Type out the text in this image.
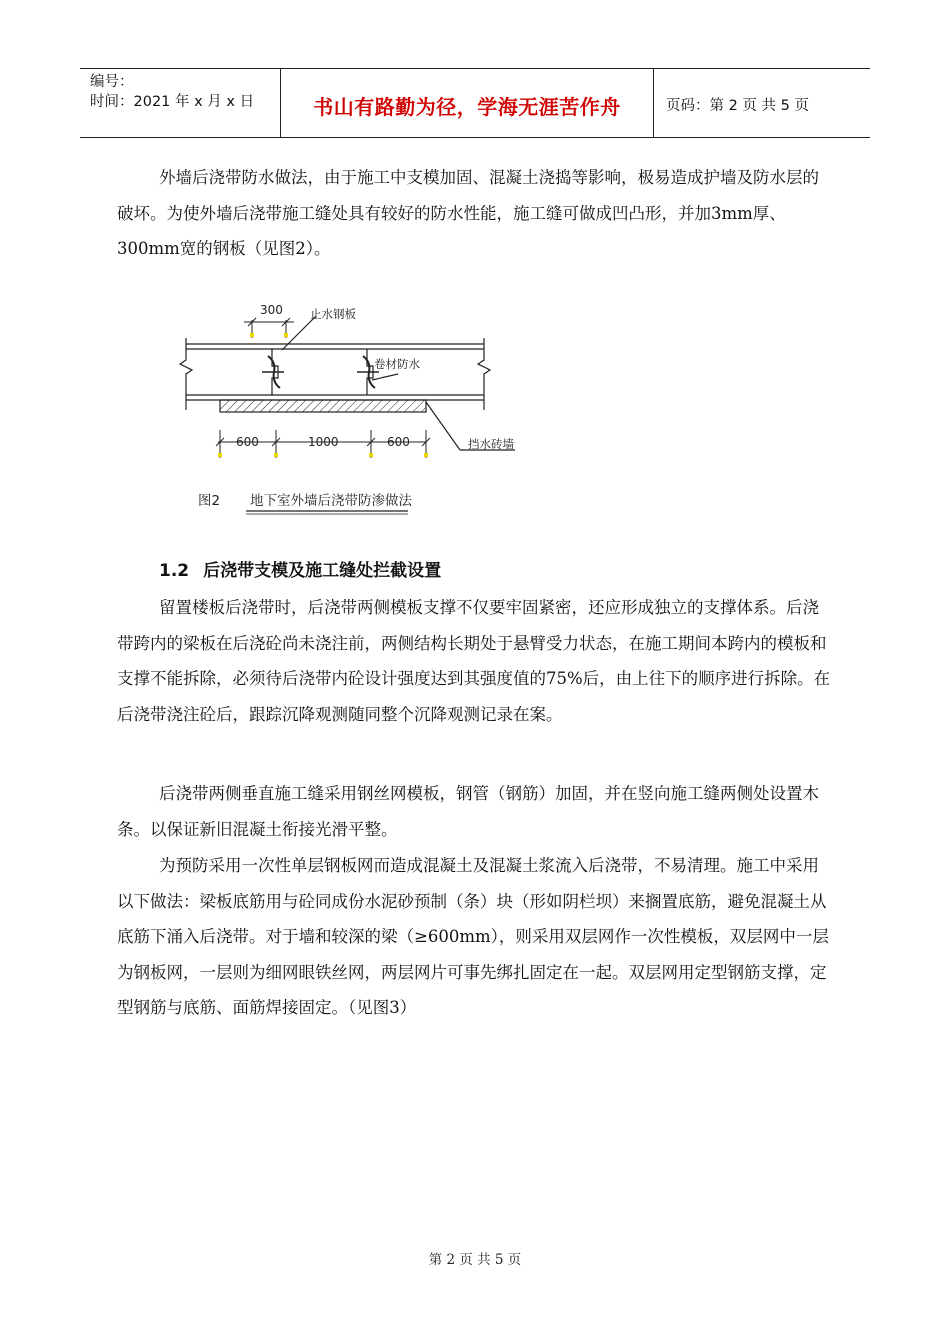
编号：
时间：2021 年 x 月 x 日	书山有路勤为径，学海无涯苦作舟	页码：第 2 页 共 5 页

外墙后浇带防水做法，由于施工中支模加固、混凝土浇捣等影响，极易造成护墙及防水层的破坏。为使外墙后浇带施工缝处具有较好的防水性能，施工缝可做成凹凸形，并加3mm厚、300mm宽的钢板（见图2）。

300 止水钢板
卷材防水
600	1000	600	挡水砖墙
图2 地下室外墙后浇带防渗做法
1.2 后浇带支模及施工缝处拦截设置

留置楼板后浇带时，后浇带两侧模板支撑不仅要牢固紧密，还应形成独立的支撑体系。后浇带跨内的梁板在后浇砼尚未浇注前，两侧结构长期处于悬臂受力状态，在施工期间本跨内的模板和支撑不能拆除，必须待后浇带内砼设计强度达到其强度值的75%后，由上往下的顺序进行拆除。在后浇带浇注砼后，跟踪沉降观测随同整个沉降观测记录在案。

后浇带两侧垂直施工缝采用钢丝网模板，钢管（钢筋）加固，并在竖向施工缝两侧处设置木条。以保证新旧混凝土衔接光滑平整。

为预防采用一次性单层钢板网而造成混凝土及混凝土浆流入后浇带，不易清理。施工中采用以下做法：梁板底筋用与砼同成份水泥砂预制（条）块（形如阴栏坝）来搁置底筋，避免混凝土从底筋下涌入后浇带。对于墙和较深的梁（≥600mm），则采用双层网作一次性模板，双层网中一层为钢板网，一层则为细网眼铁丝网，两层网片可事先绑扎固定在一起。双层网用定型钢筋支撑，定型钢筋与底筋、面筋焊接固定。（见图3）

第 2 页 共 5 页
